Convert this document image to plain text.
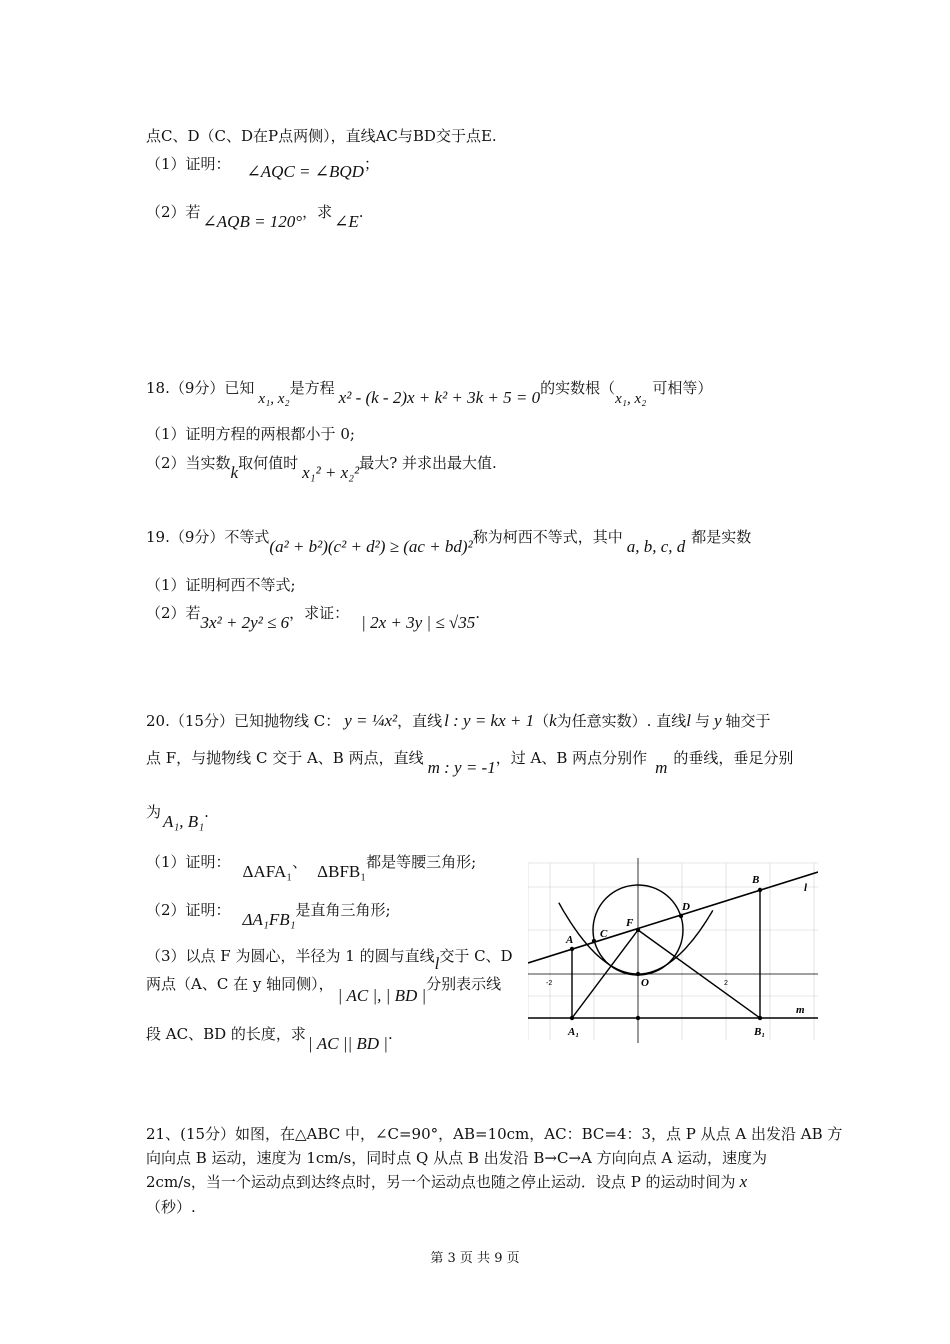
点C、D（C、D在P点两侧），直线AC与BD交于点E.
（1）证明： ∠AQC = ∠BQD；
（2）若 ∠AQB = 120°，求 ∠E.
18.（9分）已知x₁, x₂是方程 x² - (k - 2)x + k² + 3k + 5 = 0的实数根（x₁, x₂可相等）
（1）证明方程的两根都小于 0;
（2）当实数k取何值时 x₁² + x₂²最大? 并求出最大值.
19.（9分）不等式(a² + b²)(c² + d²) ≥ (ac + bd)²称为柯西不等式，其中 a, b, c, d 都是实数
（1）证明柯西不等式;
（2）若3x² + 2y² ≤ 6，求证： | 2x + 3y | ≤ √35.
20.（15分）已知抛物线 C： y = ¼x²，直线 l : y = kx + 1（k为任意实数）. 直线l 与 y 轴交于
点 F，与抛物线 C 交于 A、B 两点，直线 m : y = -1，过 A、B 两点分别作 m 的垂线，垂足分别
为 A₁, B₁.
（1）证明： ΔAFA₁、 ΔBFB₁都是等腰三角形;
（2）证明： ΔA₁FB₁是直角三角形;
（3）以点 F 为圆心，半径为 1 的圆与直线l交于 C、D
两点（A、C 在 y 轴同侧），| AC |, | BD |分别表示线
段 AC、BD 的长度，求 | AC || BD |.
-2	2
A
B
C
D
F
O
l
m
A₁	B₁
21、(15分）如图，在△ABC 中，∠C=90°，AB=10cm，AC：BC=4：3，点 P 从点 A 出发沿 AB 方
向向点 B 运动，速度为 1cm/s，同时点 Q 从点 B 出发沿 B→C→A 方向向点 A 运动，速度为
2cm/s，当一个运动点到达终点时，另一个运动点也随之停止运动．设点 P 的运动时间为 x
（秒）.
第 3 页 共 9 页
